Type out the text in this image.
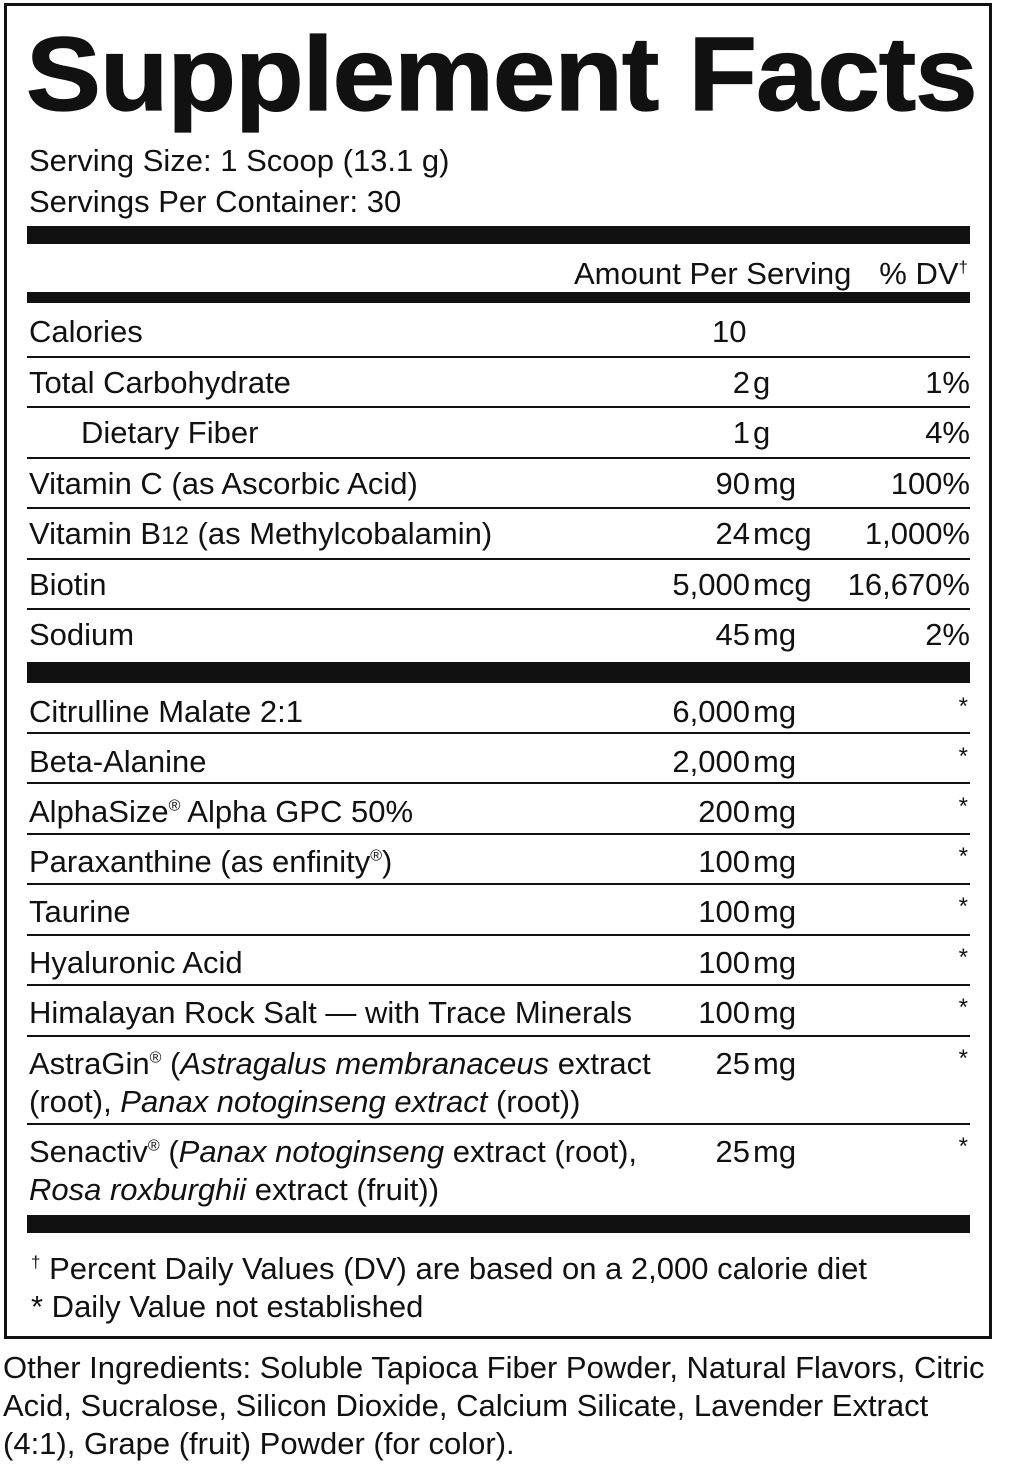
Supplement Facts
Serving Size: 1 Scoop (13.1 g)
Servings Per Container: 30
Amount Per Serving % DV†
Calories	10
Total Carbohydrate	2g	1%
Dietary Fiber	1g	4%
Vitamin C (as Ascorbic Acid)	90mg	100%
Vitamin B12 (as Methylcobalamin)	24mcg 1,000%
Biotin	5,000mcg 16,670%
Sodium	45mg	2%
Citrulline Malate 2:1	6,000mg	*
Beta-Alanine	2,000mg	*
AlphaSize® Alpha GPC 50%	200mg	*
Paraxanthine (as enfinity®)	100mg	*
Taurine	100mg	*
Hyaluronic Acid	100mg	*
Himalayan Rock Salt — with Trace Minerals	100mg	*
AstraGin® (Astragalus membranaceus extract (root), Panax notoginseng extract (root))
25mg	*
Senactiv® (Panax notoginseng extract (root), Rosa roxburghii extract (fruit))
25mg	*
† Percent Daily Values (DV) are based on a 2,000 calorie diet
* Daily Value not established
Other Ingredients: Soluble Tapioca Fiber Powder, Natural Flavors, Citric Acid, Sucralose, Silicon Dioxide, Calcium Silicate, Lavender Extract (4:1), Grape (fruit) Powder (for color).
